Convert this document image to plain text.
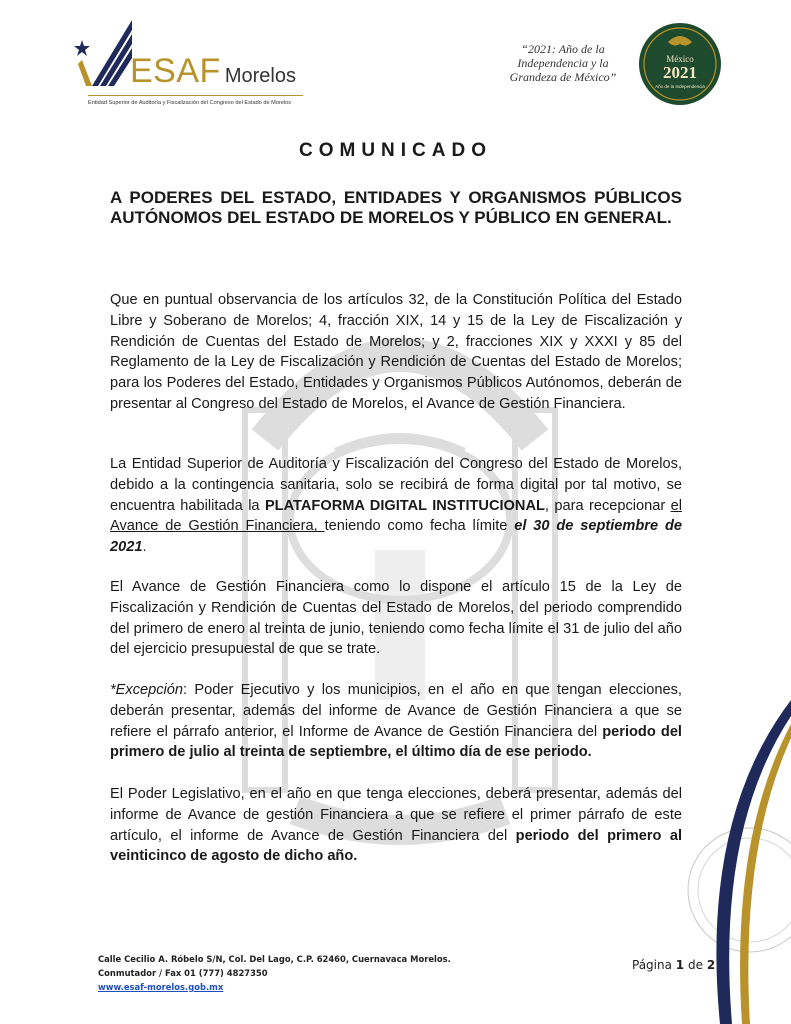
ESAF Morelos
Entidad Superior de Auditoría y Fiscalización del Congreso del Estado de Morelos
“2021: Año de la
Independencia y la
Grandeza de México”
México
2021
Año de la Independencia
COMUNICADO
A PODERES DEL ESTADO, ENTIDADES Y ORGANISMOS PÚBLICOS AUTÓNOMOS DEL ESTADO DE MORELOS Y PÚBLICO EN GENERAL.
Que en puntual observancia de los artículos 32, de la Constitución Política del Estado Libre y Soberano de Morelos; 4, fracción XIX, 14 y 15 de la Ley de Fiscalización y Rendición de Cuentas del Estado de Morelos; y 2, fracciones XIX y XXXI y 85 del Reglamento de la Ley de Fiscalización y Rendición de Cuentas del Estado de Morelos; para los Poderes del Estado, Entidades y Organismos Públicos Autónomos, deberán de presentar al Congreso del Estado de Morelos, el Avance de Gestión Financiera.
La Entidad Superior de Auditoría y Fiscalización del Congreso del Estado de Morelos, debido a la contingencia sanitaria, solo se recibirá de forma digital por tal motivo, se encuentra habilitada la PLATAFORMA DIGITAL INSTITUCIONAL, para recepcionar el Avance de Gestión Financiera, teniendo como fecha límite el 30 de septiembre de 2021.
El Avance de Gestión Financiera como lo dispone el artículo 15 de la Ley de Fiscalización y Rendición de Cuentas del Estado de Morelos, del periodo comprendido del primero de enero al treinta de junio, teniendo como fecha límite el 31 de julio del año del ejercicio presupuestal de que se trate.
*Excepción: Poder Ejecutivo y los municipios, en el año en que tengan elecciones, deberán presentar, además del informe de Avance de Gestión Financiera a que se refiere el párrafo anterior, el Informe de Avance de Gestión Financiera del periodo del primero de julio al treinta de septiembre, el último día de ese periodo.
El Poder Legislativo, en el año en que tenga elecciones, deberá presentar, además del informe de Avance de gestión Financiera a que se refiere el primer párrafo de este artículo, el informe de Avance de Gestión Financiera del periodo del primero al veinticinco de agosto de dicho año.
Calle Cecilio A. Róbelo S/N, Col. Del Lago, C.P. 62460, Cuernavaca Morelos.
Conmutador / Fax 01 (777) 4827350
www.esaf-morelos.gob.mx
Página 1 de 2
